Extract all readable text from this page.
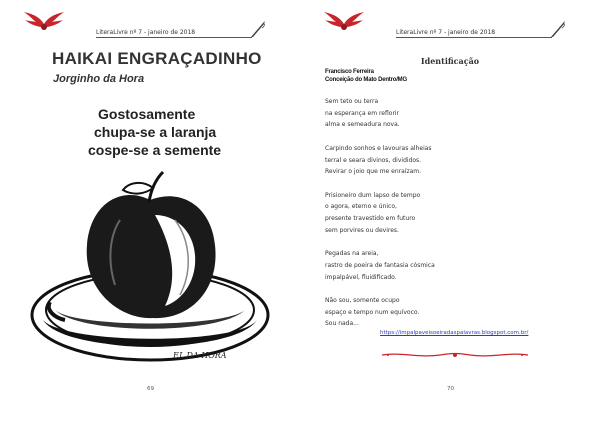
LiteraLivre nº 7 - janeiro de 2018
HAIKAI ENGRAÇADINHO
Jorginho da Hora
Gostosamente
chupa-se a laranja
cospe-se a semente
EJ. DA HORA
69
LiteraLivre nº 7 - janeiro de 2018
Identificação
Francisco Ferreira
Conceição do Mato Dentro/MG
Sem teto ou terra
na esperança em reflorir
alma e semeadura nova.
Carpindo sonhos e lavouras alheias
terral e seara divinos, divididos.
Revirar o joio que me enraízam.
Prisioneiro dum lapso de tempo
o agora, eterno e único,
presente travestido em futuro
sem porvires ou devires.
Pegadas na areia,
rastro de poeira de fantasia cósmica
impalpável, fluidificado.
Não sou, somente ocupo
espaço e tempo num equívoco.
Sou nada...
https://impalpaveisoeiradaspalavras.blogspot.com.br/
70
